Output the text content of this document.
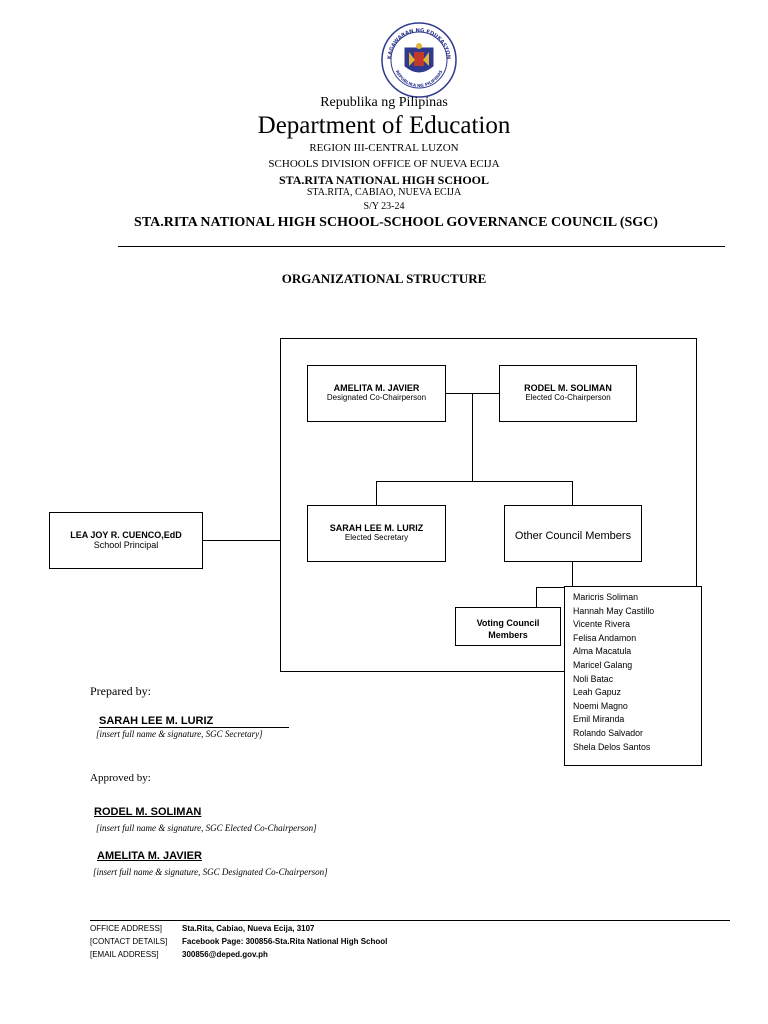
KAGAWARAN NG EDUKASYON
REPUBLIKA NG PILIPINAS
Republika ng Pilipinas
Department of Education
REGION III-CENTRAL LUZON
SCHOOLS DIVISION OFFICE OF NUEVA ECIJA
STA.RITA NATIONAL HIGH SCHOOL
STA.RITA, CABIAO, NUEVA ECIJA
S/Y 23-24
STA.RITA NATIONAL HIGH SCHOOL-SCHOOL GOVERNANCE COUNCIL (SGC)
ORGANIZATIONAL STRUCTURE
AMELITA M. JAVIER
Designated Co-Chairperson
RODEL M. SOLIMAN
Elected Co-Chairperson
SARAH LEE M. LURIZ
Elected Secretary	Other Council Members
LEA JOY R. CUENCO,EdD
School Principal
Voting Council Members
Maricris Soliman
Hannah May Castillo
Vicente Rivera
Felisa Andamon
Alma Macatula
Maricel Galang
Noli Batac
Leah Gapuz
Noemi Magno
Emil Miranda
Rolando Salvador
Shela Delos Santos
Prepared by:
SARAH LEE M. LURIZ
[insert full name & signature, SGC Secretary]
Approved by:
RODEL M. SOLIMAN
[insert full name & signature, SGC Elected Co-Chairperson]
AMELITA M. JAVIER
[insert full name & signature, SGC Designated Co-Chairperson]
OFFICE ADDRESS] Sta.Rita, Cabiao, Nueva Ecija, 3107
[CONTACT DETAILS] Facebook Page: 300856-Sta.Rita National High School
[EMAIL ADDRESS]	300856@deped.gov.ph
